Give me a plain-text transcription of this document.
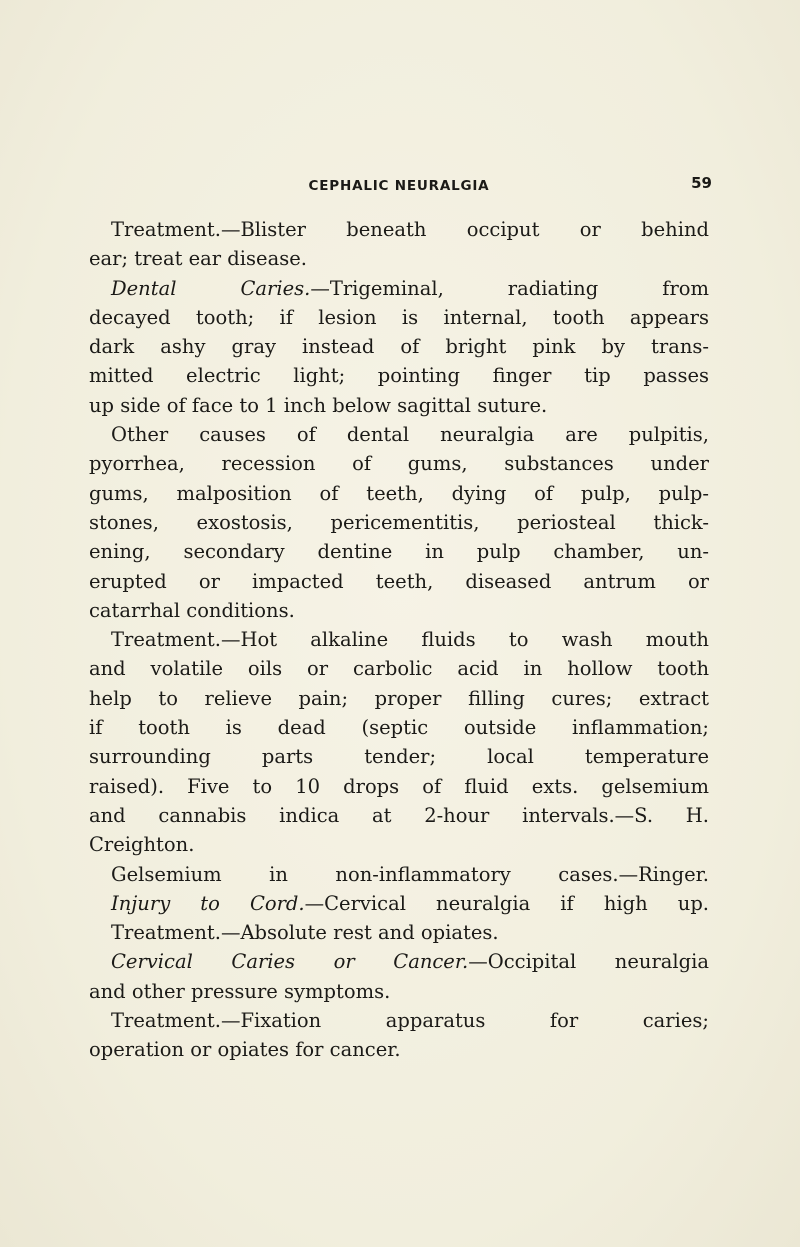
CEPHALIC NEURALGIA	59
Treatment.—Blister beneath occiput or behind
ear; treat ear disease.
Dental Caries.—Trigeminal, radiating from
decayed tooth; if lesion is internal, tooth appears
dark ashy gray instead of bright pink by trans-
mitted electric light; pointing finger tip passes
up side of face to 1 inch below sagittal suture.
Other causes of dental neuralgia are pulpitis,
pyorrhea, recession of gums, substances under
gums, malposition of teeth, dying of pulp, pulp-
stones, exostosis, pericementitis, periosteal thick-
ening, secondary dentine in pulp chamber, un-
erupted or impacted teeth, diseased antrum or
catarrhal conditions.
Treatment.—Hot alkaline fluids to wash mouth
and volatile oils or carbolic acid in hollow tooth
help to relieve pain; proper filling cures; extract
if tooth is dead (septic outside inflammation;
surrounding parts tender; local temperature
raised). Five to 10 drops of fluid exts. gelsemium
and cannabis indica at 2-hour intervals.—S. H.
Creighton.
Gelsemium in non-inflammatory cases.—Ringer.
Injury to Cord.—Cervical neuralgia if high up.
Treatment.—Absolute rest and opiates.
Cervical Caries or Cancer.—Occipital neuralgia
and other pressure symptoms.
Treatment.—Fixation apparatus for caries;
operation or opiates for cancer.
